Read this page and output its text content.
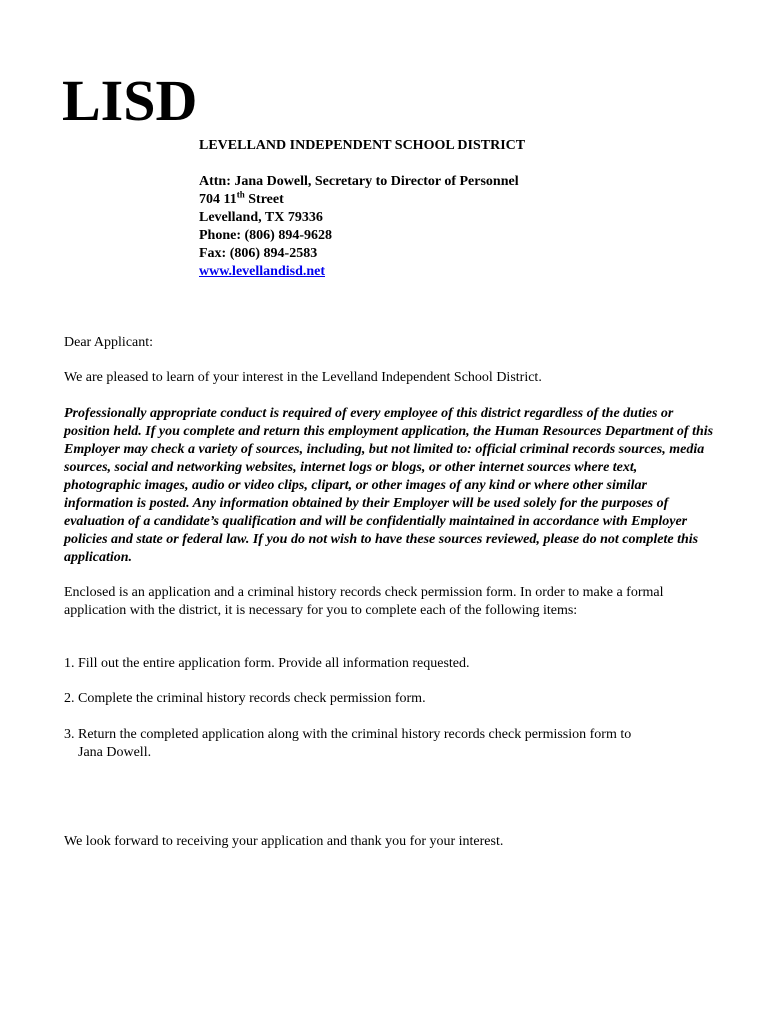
LISD
LEVELLAND INDEPENDENT SCHOOL DISTRICT
Attn: Jana Dowell, Secretary to Director of Personnel
704 11th Street
Levelland, TX 79336
Phone: (806) 894-9628
Fax: (806) 894-2583
www.levellandisd.net
Dear Applicant:
We are pleased to learn of your interest in the Levelland Independent School District.
Professionally appropriate conduct is required of every employee of this district regardless of the duties or position held. If you complete and return this employment application, the Human Resources Department of this Employer may check a variety of sources, including, but not limited to: official criminal records sources, media sources, social and networking websites, internet logs or blogs, or other internet sources where text, photographic images, audio or video clips, clipart, or other images of any kind or where other similar information is posted. Any information obtained by their Employer will be used solely for the purposes of evaluation of a candidate’s qualification and will be confidentially maintained in accordance with Employer policies and state or federal law. If you do not wish to have these sources reviewed, please do not complete this application.
Enclosed is an application and a criminal history records check permission form. In order to make a formal application with the district, it is necessary for you to complete each of the following items:
1. Fill out the entire application form. Provide all information requested.
2. Complete the criminal history records check permission form.
3. Return the completed application along with the criminal history records check permission form to
Jana Dowell.
We look forward to receiving your application and thank you for your interest.
